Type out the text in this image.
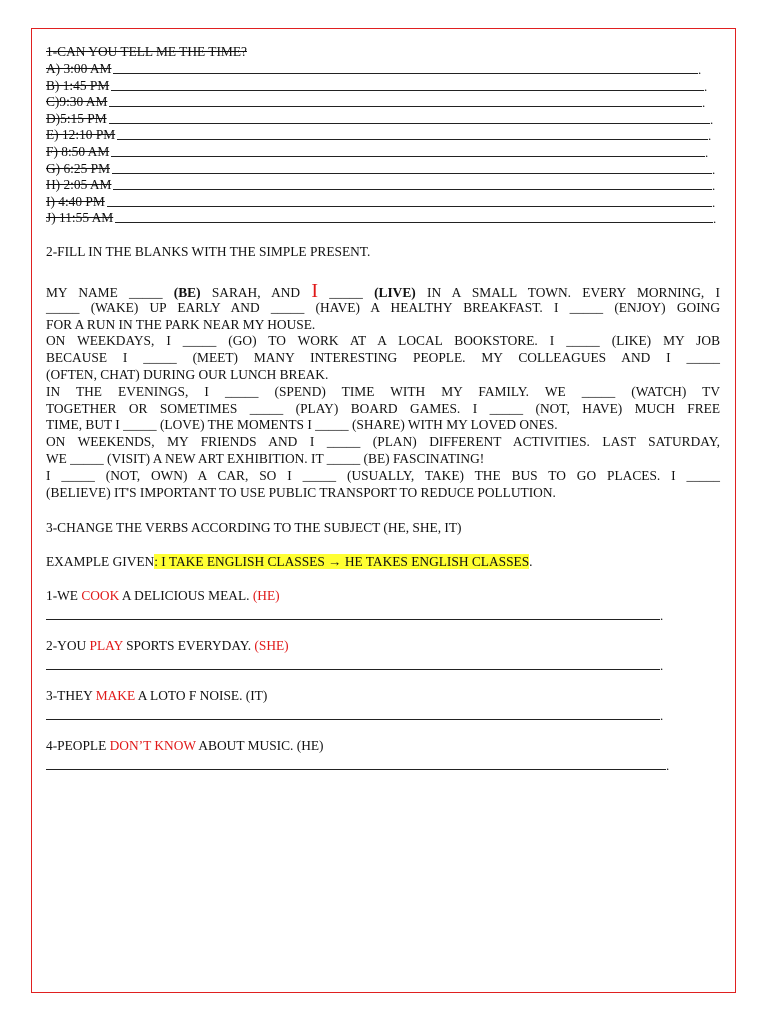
1-CAN YOU TELL ME THE TIME?
A) 3:00 AM	.
B) 1:45 PM	.
C)9:30 AM	.
D)5:15 PM	.
E) 12:10 PM	.
F) 8:50 AM	.
G) 6:25 PM	.
H) 2:05 AM	.
I) 4:40 PM	.
J) 11:55 AM	.
2-FILL IN THE BLANKS WITH THE SIMPLE PRESENT.
MY NAME _____ (BE) SARAH, AND I _____ (LIVE) IN A SMALL TOWN. EVERY MORNING, I
_____ (WAKE) UP EARLY AND _____ (HAVE) A HEALTHY BREAKFAST. I _____ (ENJOY) GOING
FOR A RUN IN THE PARK NEAR MY HOUSE.
ON WEEKDAYS, I _____ (GO) TO WORK AT A LOCAL BOOKSTORE. I _____ (LIKE) MY JOB
BECAUSE I _____ (MEET) MANY INTERESTING PEOPLE. MY COLLEAGUES AND I _____
(OFTEN, CHAT) DURING OUR LUNCH BREAK.
IN THE EVENINGS, I _____ (SPEND) TIME WITH MY FAMILY. WE _____ (WATCH) TV
TOGETHER OR SOMETIMES _____ (PLAY) BOARD GAMES. I _____ (NOT, HAVE) MUCH FREE
TIME, BUT I _____ (LOVE) THE MOMENTS I _____ (SHARE) WITH MY LOVED ONES.
ON WEEKENDS, MY FRIENDS AND I _____ (PLAN) DIFFERENT ACTIVITIES. LAST SATURDAY,
WE _____ (VISIT) A NEW ART EXHIBITION. IT _____ (BE) FASCINATING!
I _____ (NOT, OWN) A CAR, SO I _____ (USUALLY, TAKE) THE BUS TO GO PLACES. I _____
(BELIEVE) IT'S IMPORTANT TO USE PUBLIC TRANSPORT TO REDUCE POLLUTION.
3-CHANGE THE VERBS ACCORDING TO THE SUBJECT (HE, SHE, IT)
EXAMPLE GIVEN: I TAKE ENGLISH CLASSES → HE TAKES ENGLISH CLASSES.
1-WE COOK A DELICIOUS MEAL. (HE)
.
2-YOU PLAY SPORTS EVERYDAY. (SHE)
.
3-THEY MAKE A LOTO F NOISE. (IT)
.
4-PEOPLE DON’T KNOW ABOUT MUSIC. (HE)
.
